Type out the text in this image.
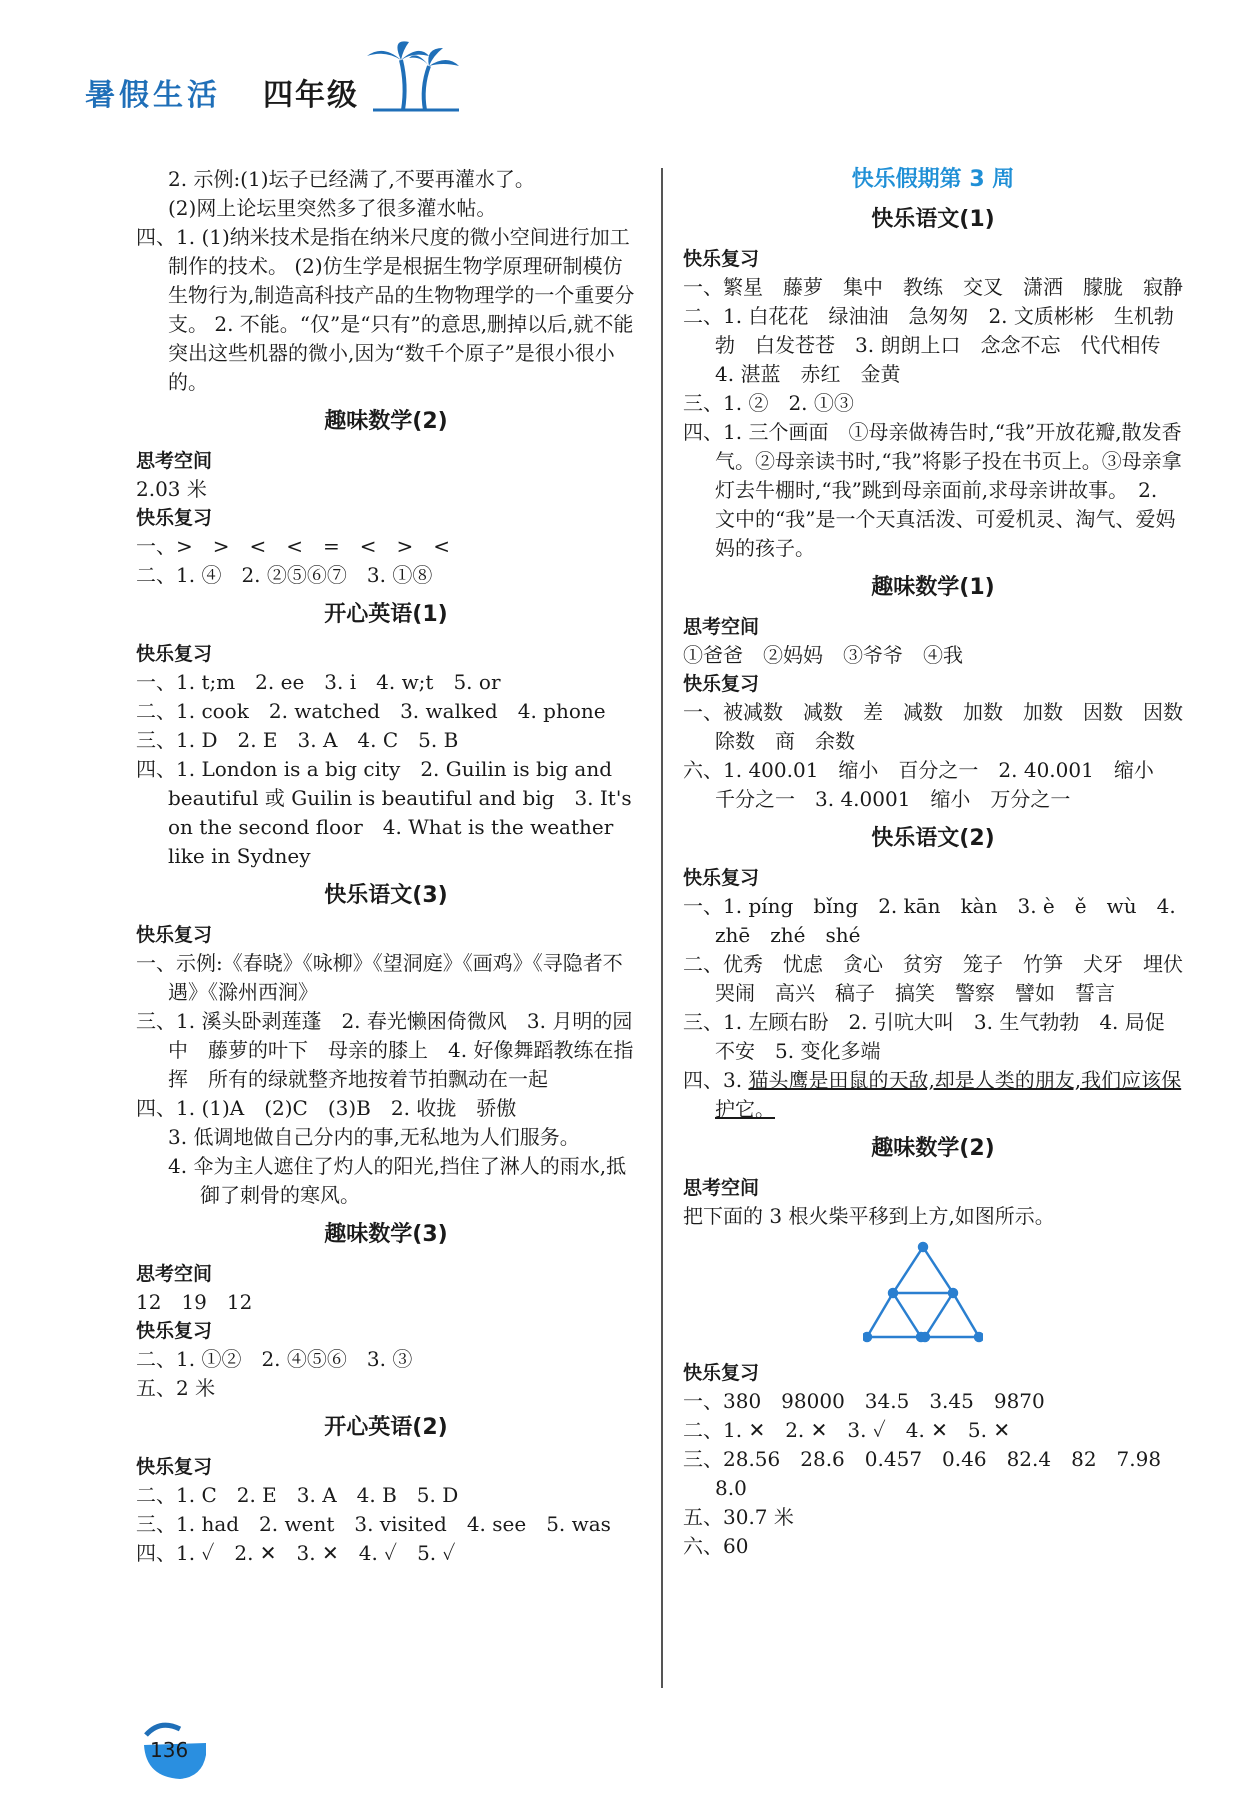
暑假生活 四年级

2. 示例:(1)坛子已经满了,不要再灌水了。

(2)网上论坛里突然多了很多灌水帖。

四、1. (1)纳米技术是指在纳米尺度的微小空间进行加工制作的技术。 (2)仿生学是根据生物学原理研制模仿生物行为,制造高科技产品的生物物理学的一个重要分支。 2. 不能。“仅”是“只有”的意思,删掉以后,就不能突出这些机器的微小,因为“数千个原子”是很小很小的。

趣味数学(2)

思考空间

2.03 米

快乐复习

一、>　>　<　<　=　<　>　<

二、1. ④　2. ②⑤⑥⑦　3. ①⑧

开心英语(1)

快乐复习

一、1. t;m　2. ee　3. i　4. w;t　5. or

二、1. cook　2. watched　3. walked　4. phone

三、1. D　2. E　3. A　4. C　5. B

四、1. London is a big city　2. Guilin is big and beautiful 或 Guilin is beautiful and big　3. It's on the second floor　4. What is the weather like in Sydney

快乐语文(3)

快乐复习

一、示例:《春晓》《咏柳》《望洞庭》《画鸡》《寻隐者不遇》《滁州西涧》

三、1. 溪头卧剥莲蓬　2. 春光懒困倚微风　3. 月明的园中　藤萝的叶下　母亲的膝上　4. 好像舞蹈教练在指挥　所有的绿就整齐地按着节拍飘动在一起

四、1. (1)A　(2)C　(3)B　2. 收拢　骄傲

3. 低调地做自己分内的事,无私地为人们服务。

4. 伞为主人遮住了灼人的阳光,挡住了淋人的雨水,抵御了刺骨的寒风。

趣味数学(3)

思考空间

12　19　12

快乐复习

二、1. ①②　2. ④⑤⑥　3. ③

五、2 米

开心英语(2)

快乐复习

二、1. C　2. E　3. A　4. B　5. D

三、1. had　2. went　3. visited　4. see　5. was

四、1. ✓　2. ✕　3. ✕　4. ✓　5. ✓

快乐假期第 3 周
快乐语文(1)

快乐复习

一、繁星　藤萝　集中　教练　交叉　潇洒　朦胧　寂静

二、1. 白花花　绿油油　急匆匆　2. 文质彬彬　生机勃勃　白发苍苍　3. 朗朗上口　念念不忘　代代相传　4. 湛蓝　赤红　金黄

三、1. ②　2. ①③

四、1. 三个画面　①母亲做祷告时,“我”开放花瓣,散发香气。②母亲读书时,“我”将影子投在书页上。③母亲拿灯去牛棚时,“我”跳到母亲面前,求母亲讲故事。　2. 文中的“我”是一个天真活泼、可爱机灵、淘气、爱妈妈的孩子。

趣味数学(1)

思考空间

①爸爸　②妈妈　③爷爷　④我

快乐复习

一、被减数　减数　差　减数　加数　加数　因数　因数　除数　商　余数

六、1. 400.01　缩小　百分之一　2. 40.001　缩小　千分之一　3. 4.0001　缩小　万分之一

快乐语文(2)

快乐复习

一、1. píng　bǐng　2. kān　kàn　3. è　ě　wù　4. zhē　zhé　shé

二、优秀　忧虑　贪心　贫穷　笼子　竹笋　犬牙　埋伏　哭闹　高兴　稿子　搞笑　警察　譬如　誓言

三、1. 左顾右盼　2. 引吭大叫　3. 生气勃勃　4. 局促不安　5. 变化多端

四、3. 猫头鹰是田鼠的天敌,却是人类的朋友,我们应该保护它。

趣味数学(2)

思考空间

把下面的 3 根火柴平移到上方,如图所示。

快乐复习

一、380　98000　34.5　3.45　9870

二、1. ✕　2. ✕　3. ✓　4. ✕　5. ✕

三、28.56　28.6　0.457　0.46　82.4　82　7.98　8.0

五、30.7 米

六、60

136
